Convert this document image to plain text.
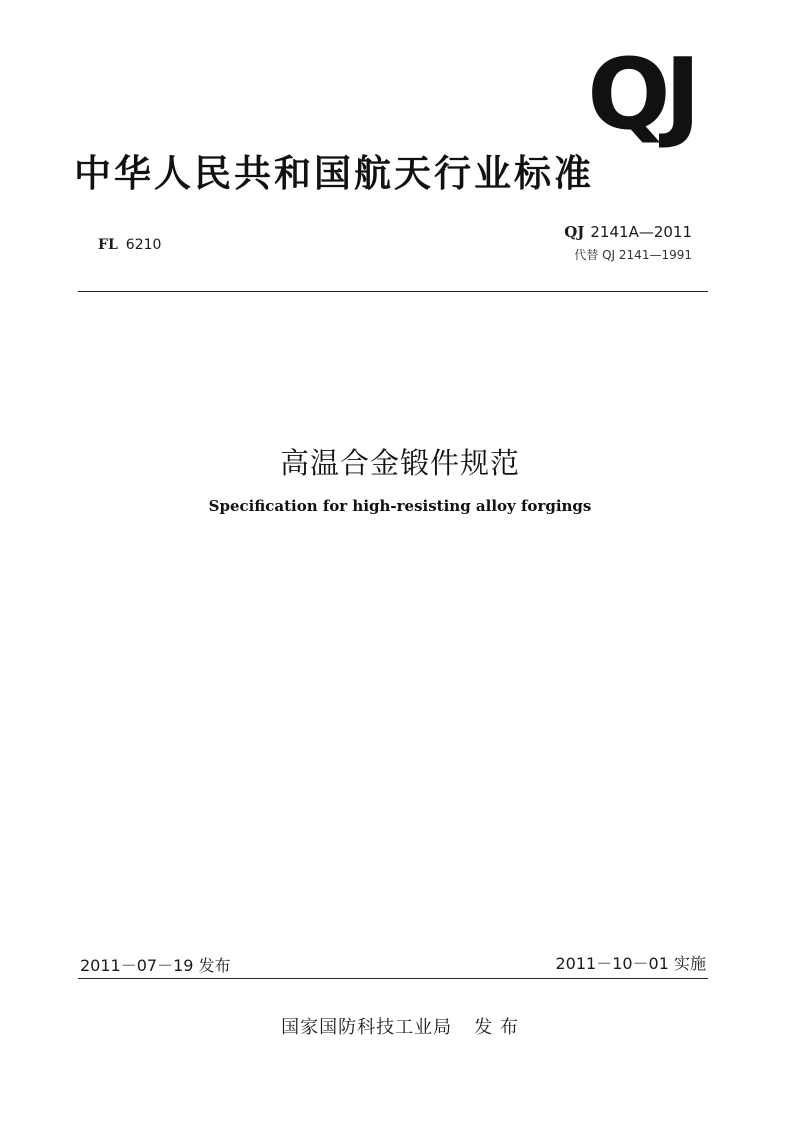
QJ
中华人民共和国航天行业标准
FL 6210
QJ 2141A—2011
代替 QJ 2141—1991
高温合金锻件规范
Specification for high-resisting alloy forgings
2011－07－19 发布	2011－10－01 实施
国家国防科技工业局 发 布
